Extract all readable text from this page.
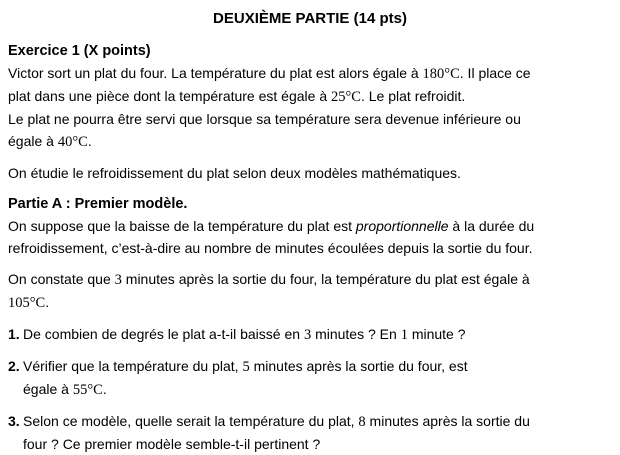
DEUXIÈME PARTIE (14 pts)
Exercice 1 (X points)

Victor sort un plat du four. La température du plat est alors égale à 180°C. Il place ce
plat dans une pièce dont la température est égale à 25°C. Le plat refroidit.
Le plat ne pourra être servi que lorsque sa température sera devenue inférieure ou
égale à 40°C.

On étudie le refroidissement du plat selon deux modèles mathématiques.

Partie A : Premier modèle.

On suppose que la baisse de la température du plat est proportionnelle à la durée du
refroidissement, c’est-à-dire au nombre de minutes écoulées depuis la sortie du four.

On constate que 3 minutes après la sortie du four, la température du plat est égale à
105°C.

1. De combien de degrés le plat a-t-il baissé en 3 minutes ? En 1 minute ?
2. Vérifier que la température du plat, 5 minutes après la sortie du four, est
égale à 55°C.
3. Selon ce modèle, quelle serait la température du plat, 8 minutes après la sortie du
four ? Ce premier modèle semble-t-il pertinent ?
